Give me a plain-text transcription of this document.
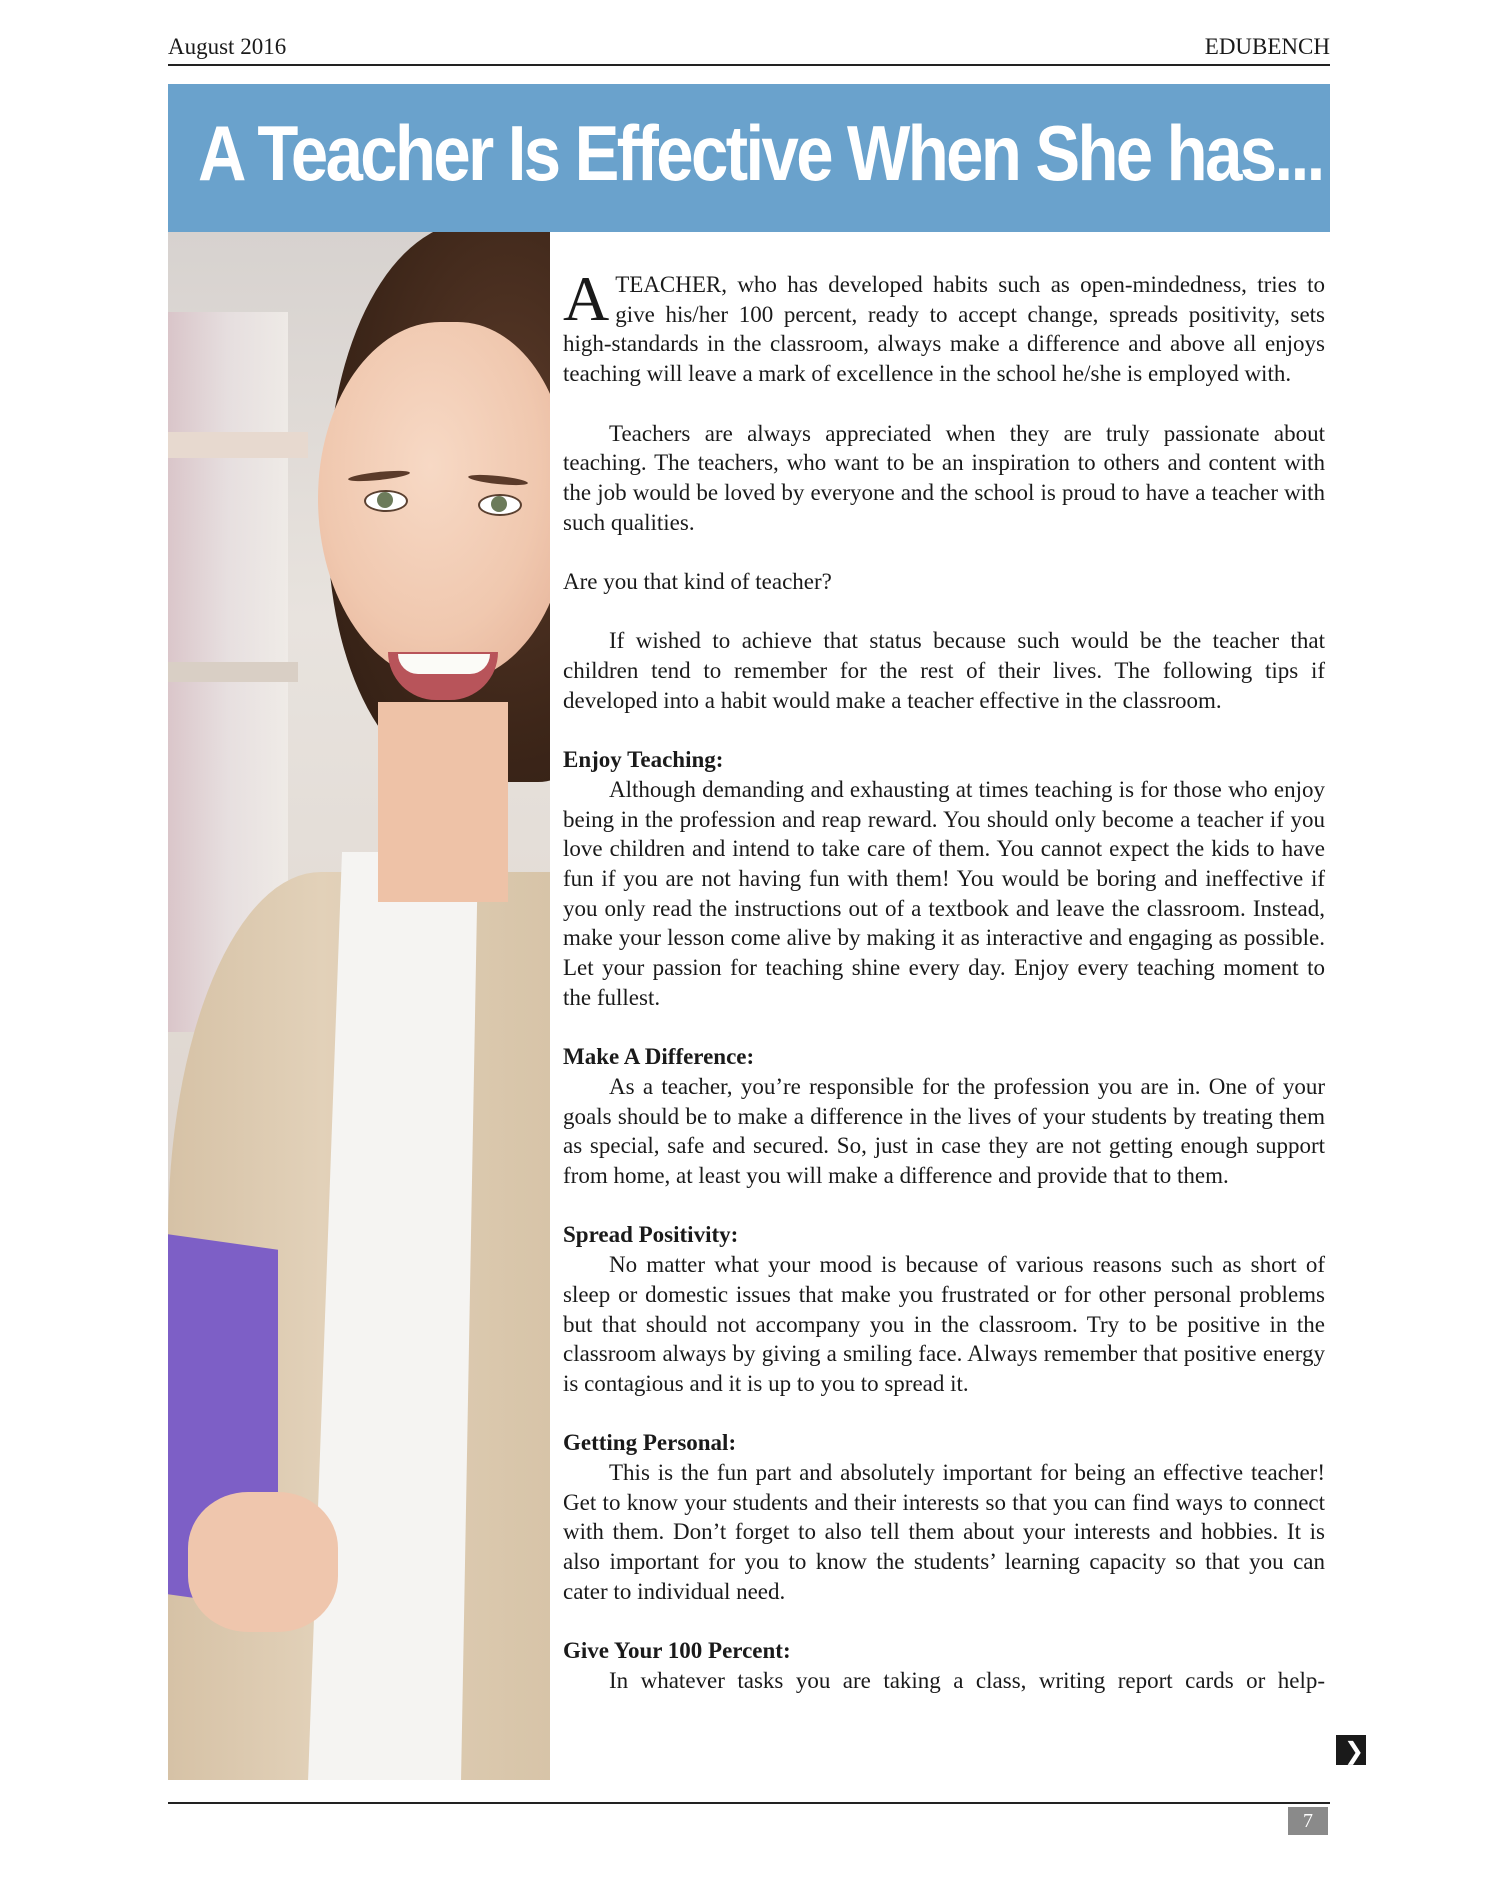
August 2016	EDUBENCH
A Teacher Is Effective When She has...

ATEACHER, who has developed habits such as open-mindedness, tries to give his/her 100 percent, ready to accept change, spreads positivity, sets high-standards in the classroom, always make a difference and above all enjoys teaching will leave a mark of excellence in the school he/she is employed with.

Teachers are always appreciated when they are truly passionate about teaching. The teachers, who want to be an inspiration to others and content with the job would be loved by everyone and the school is proud to have a teacher with such qualities.

Are you that kind of teacher?

If wished to achieve that status because such would be the teacher that children tend to remember for the rest of their lives. The following tips if developed into a habit would make a teacher effective in the classroom.

Enjoy Teaching:

Although demanding and exhausting at times teaching is for those who enjoy being in the profession and reap reward. You should only become a teacher if you love children and intend to take care of them. You cannot expect the kids to have fun if you are not having fun with them! You would be boring and ineffective if you only read the instructions out of a textbook and leave the classroom. Instead, make your lesson come alive by making it as interactive and engaging as possible. Let your passion for teaching shine every day. Enjoy every teaching moment to the fullest.

Make A Difference:

As a teacher, you’re responsible for the profession you are in. One of your goals should be to make a difference in the lives of your students by treating them as special, safe and secured. So, just in case they are not getting enough support from home, at least you will make a difference and provide that to them.

Spread Positivity:

No matter what your mood is because of various reasons such as short of sleep or domestic issues that make you frustrated or for other personal problems but that should not accompany you in the classroom. Try to be positive in the classroom always by giving a smiling face. Always remember that positive energy is contagious and it is up to you to spread it.

Getting Personal:

This is the fun part and absolutely important for being an effective teacher! Get to know your students and their interests so that you can find ways to connect with them. Don’t forget to also tell them about your interests and hobbies. It is also important for you to know the students’ learning capacity so that you can cater to individual need.

Give Your 100 Percent:

In whatever tasks you are taking a class, writing report cards or help-

❯
7
